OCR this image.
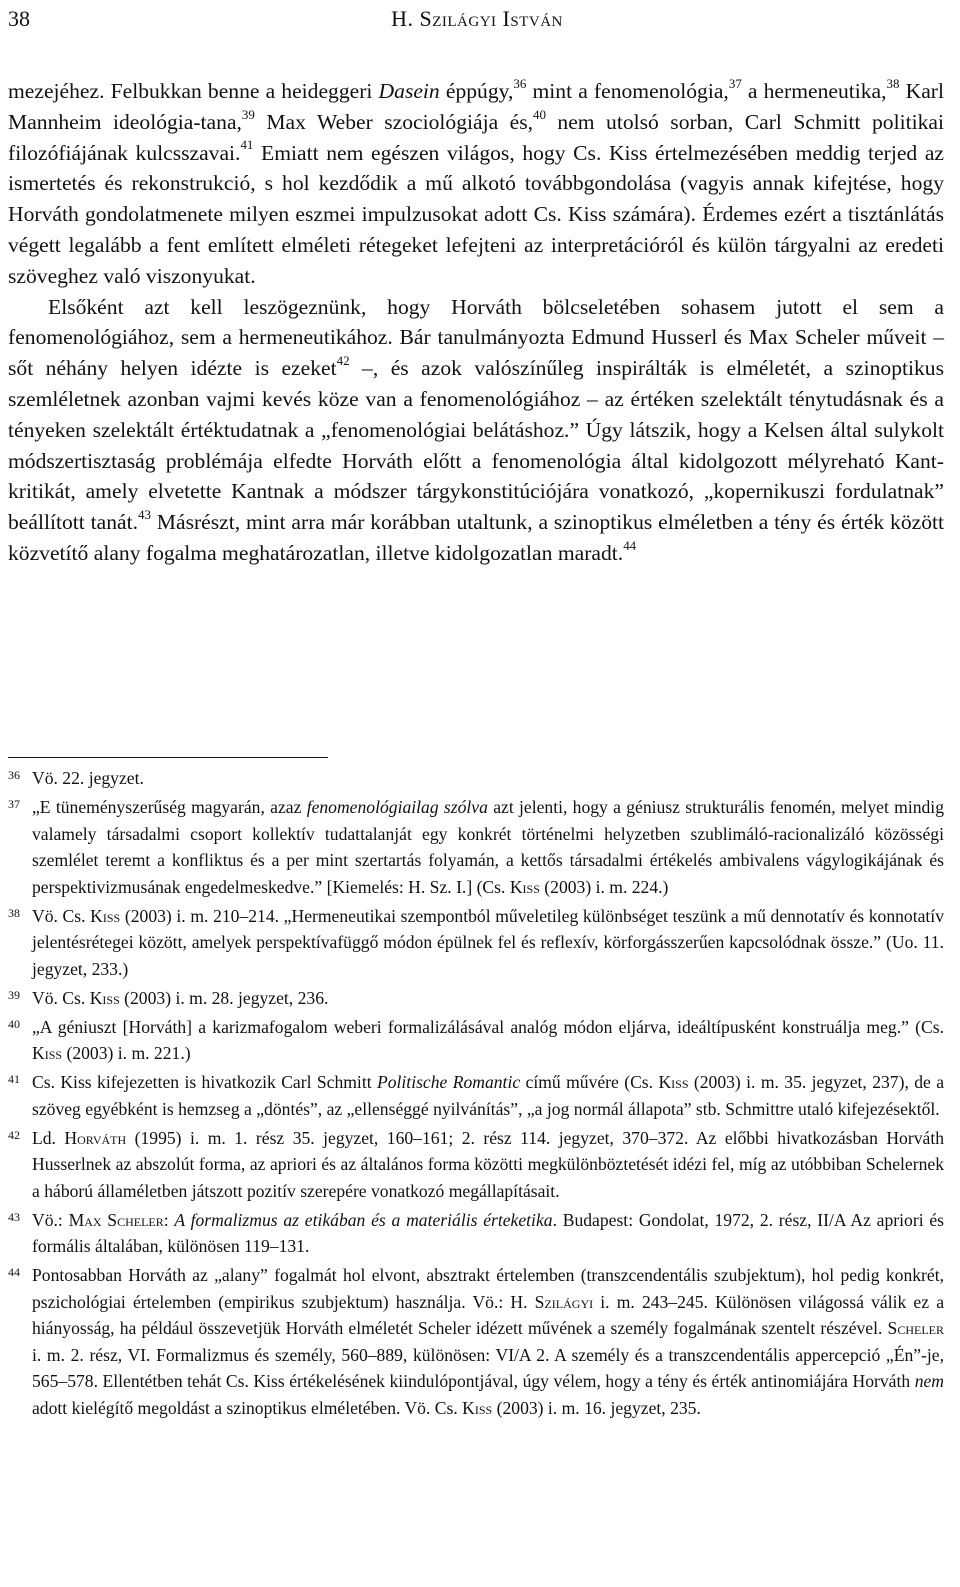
38	H. Szilágyi István

mezejéhez. Felbukkan benne a heideggeri Dasein éppúgy,$^{36}$ mint a fenomenológia,$^{37}$ a hermeneutika,$^{38}$ Karl Mannheim ideológia-tana,$^{39}$ Max Weber szociológiája és,$^{40}$ nem utolsó sorban, Carl Schmitt politikai filozófiájának kulcsszavai.$^{41}$ Emiatt nem egészen világos, hogy Cs. Kiss értelmezésében meddig terjed az ismertetés és rekonstrukció, s hol kezdődik a mű alkotó továbbgondolása (vagyis annak kifejtése, hogy Horváth gondolatmenete milyen eszmei impulzusokat adott Cs. Kiss számára). Érdemes ezért a tisztánlátás végett legalább a fent említett elméleti rétegeket lefejteni az interpretációról és külön tárgyalni az eredeti szöveghez való viszonyukat.

Elsőként azt kell leszögeznünk, hogy Horváth bölcseletében sohasem jutott el sem a fenomenológiához, sem a hermeneutikához. Bár tanulmányozta Edmund Husserl és Max Scheler műveit – sőt néhány helyen idézte is ezeket$^{42}$ –, és azok valószínűleg inspirálták is elméletét, a szinoptikus szemléletnek azonban vajmi kevés köze van a fenomenológiához – az értéken szelektált ténytudásnak és a tényeken szelektált értéktudatnak a „fenomenológiai belátáshoz.” Úgy látszik, hogy a Kelsen által sulykolt módszertisztaság problémája elfedte Horváth előtt a fenomenológia által kidolgozott mélyreható Kant-kritikát, amely elvetette Kantnak a módszer tárgykonstitúciójára vonatkozó, „kopernikuszi fordulatnak” beállított tanát.$^{43}$ Másrészt, mint arra már korábban utaltunk, a szinoptikus elméletben a tény és érték között közvetítő alany fogalma meghatározatlan, illetve kidolgozatlan maradt.$^{44}$

36 Vö. 22. jegyzet.
37 „E tüneményszerűség magyarán, azaz fenomenológiailag szólva azt jelenti, hogy a géniusz strukturális fenomén, melyet mindig valamely társadalmi csoport kollektív tudattalanját egy konkrét történelmi helyzetben szublimáló-racionalizáló közösségi szemlélet teremt a konfliktus és a per mint szertartás folyamán, a kettős társadalmi értékelés ambivalens vágylogikájának és perspektivizmusának engedelmeskedve.” [Kiemelés: H. Sz. I.] (Cs. Kiss (2003) i. m. 224.)
38 Vö. Cs. Kiss (2003) i. m. 210–214. „Hermeneutikai szempontból műveletileg különbséget teszünk a mű dennotatív és konnotatív jelentésrétegei között, amelyek perspektívafüggő módon épülnek fel és reflexív, körforgásszerűen kapcsolódnak össze.” (Uo. 11. jegyzet, 233.)
39 Vö. Cs. Kiss (2003) i. m. 28. jegyzet, 236.
40 „A géniuszt [Horváth] a karizmafogalom weberi formalizálásával analóg módon eljárva, ideáltípusként konstruálja meg.” (Cs. Kiss (2003) i. m. 221.)
41 Cs. Kiss kifejezetten is hivatkozik Carl Schmitt Politische Romantic című művére (Cs. Kiss (2003) i. m. 35. jegyzet, 237), de a szöveg egyébként is hemzseg a „döntés”, az „ellenséggé nyilvánítás”, „a jog normál állapota” stb. Schmittre utaló kifejezésektől.
42 Ld. Horváth (1995) i. m. 1. rész 35. jegyzet, 160–161; 2. rész 114. jegyzet, 370–372. Az előbbi hivatkozásban Horváth Husserlnek az abszolút forma, az apriori és az általános forma közötti megkülönböztetését idézi fel, míg az utóbbiban Schelernek a háború államéletben játszott pozitív szerepére vonatkozó megállapításait.
43 Vö.: Max Scheler: A formalizmus az etikában és a materiális érteketika. Budapest: Gondolat, 1972, 2. rész, II/A Az apriori és formális általában, különösen 119–131.
44 Pontosabban Horváth az „alany” fogalmát hol elvont, absztrakt értelemben (transzcendentális szubjektum), hol pedig konkrét, pszichológiai értelemben (empirikus szubjektum) használja. Vö.: H. Szilágyi i. m. 243–245. Különösen világossá válik ez a hiányosság, ha például összevetjük Horváth elméletét Scheler idézett művének a személy fogalmának szentelt részével. Scheler i. m. 2. rész, VI. Formalizmus és személy, 560–889, különösen: VI/A 2. A személy és a transzcendentális appercepció „Én”-je, 565–578. Ellentétben tehát Cs. Kiss értékelésének kiindulópontjával, úgy vélem, hogy a tény és érték antinomiájára Horváth nem adott kielégítő megoldást a szinoptikus elméletében. Vö. Cs. Kiss (2003) i. m. 16. jegyzet, 235.
